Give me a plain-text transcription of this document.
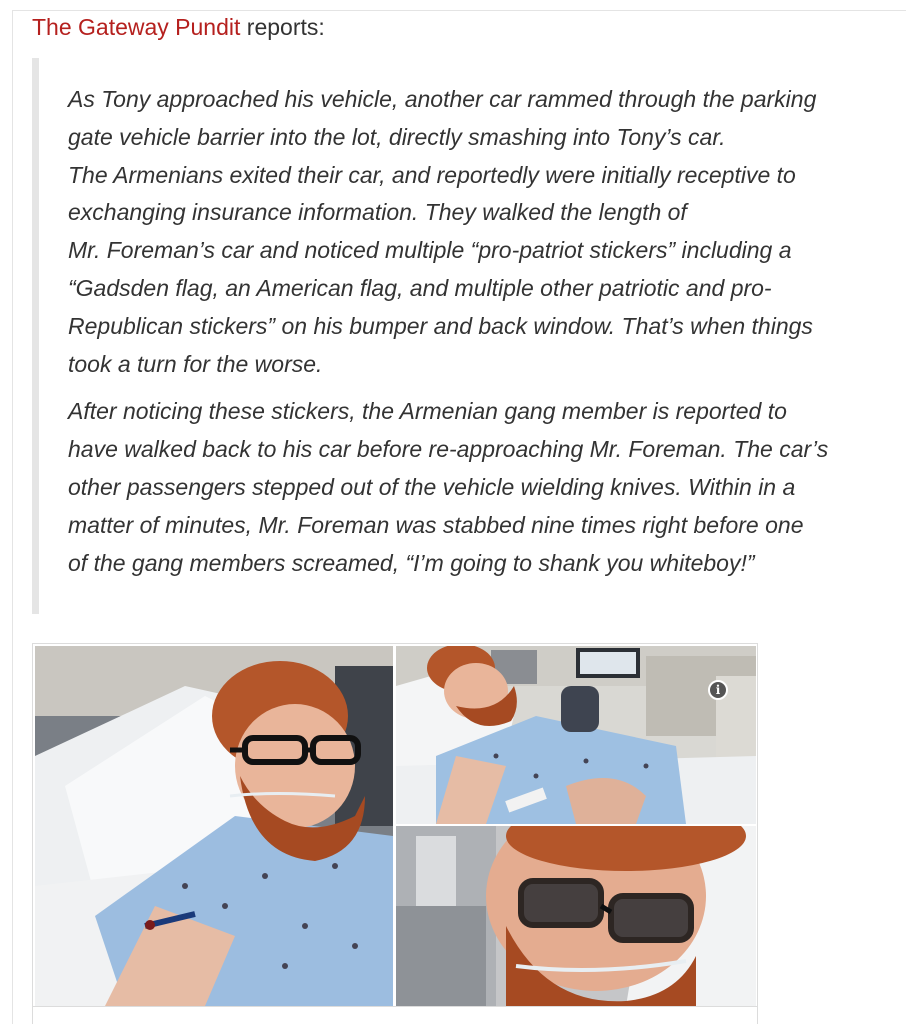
The Gateway Pundit reports:

As Tony approached his vehicle, another car rammed through the parking
gate vehicle barrier into the lot, directly smashing into Tony’s car.
The Armenians exited their car, and reportedly were initially receptive to
exchanging insurance information. They walked the length of
Mr. Foreman’s car and noticed multiple “pro-patriot stickers” including a
“Gadsden flag, an American flag, and multiple other patriotic and pro-
Republican stickers” on his bumper and back window. That’s when things
took a turn for the worse.

After noticing these stickers, the Armenian gang member is reported to
have walked back to his car before re-approaching Mr. Foreman. The car’s
other passengers stepped out of the vehicle wielding knives. Within in a
matter of minutes, Mr. Foreman was stabbed nine times right before one
of the gang members screamed, “I’m going to shank you whiteboy!”

i
